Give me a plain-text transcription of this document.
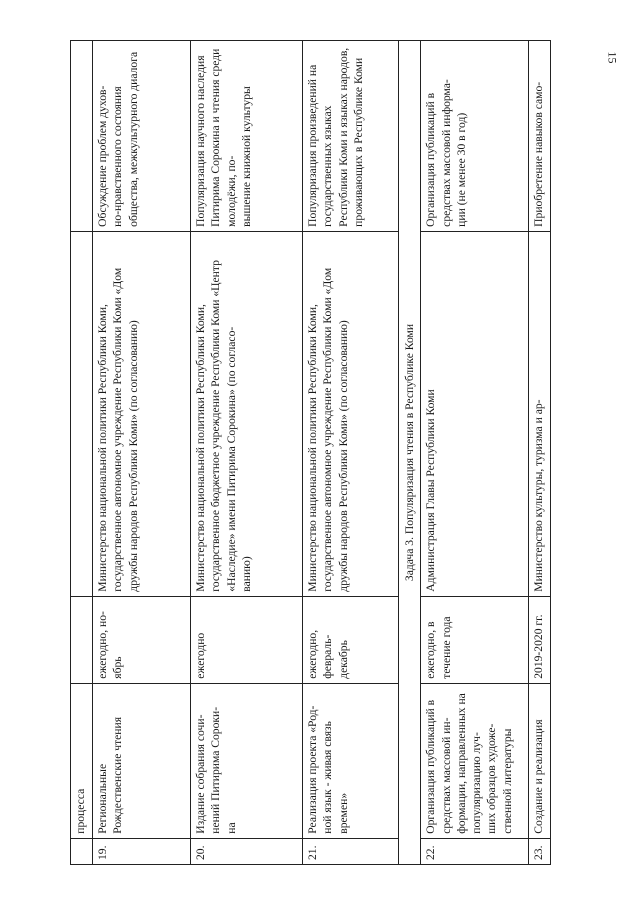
15
	процесса			
19.	Региональные Рождественские чтения	ежегодно, но-
ябрь	Министерство национальной политики Республики Коми,
государственное автономное учреждение Республики Коми «Дом дружбы народов Республики Коми» (по согласованию)	Обсуждение проблем духов-
но-нравственного состояния общества, межкультурного диалога
20.	Издание собрания сочи-
нений Питирима Сороки-
на	ежегодно	Министерство национальной политики Республики Коми,
государственное бюджетное учреждение Республики Коми «Центр «Наследие» имени Питирима Сорокина» (по согласо-
ванию)	Популяризация научного наследия Питирима Сорокина и чтения среди молодёжи, по-
вышение книжной культуры
21.	Реализация проекта «Род-
ной язык - живая связь времен»	ежегодно,
февраль-
декабрь	Министерство национальной политики Республики Коми,
государственное автономное учреждение Республики Коми «Дом дружбы народов Республики Коми» (по согласованию)	Популяризация произведений на государственных языках Республики Коми и языках народов, проживающих в Республике Коми
Задача 3. Популяризация чтения в Республике Коми				
22.	Организация публикаций в средствах массовой ин-
формации, направленных на популяризацию луч-
ших образцов художе-
ственной литературы	ежегодно, в течение года	Администрация Главы Республики Коми	Организация публикаций в средствах массовой информа-
ции (не менее 30 в год)
23.	Создание и реализация	2019-2020 гг.	Министерство культуры, туризма и ар-	Приобретение навыков само-
